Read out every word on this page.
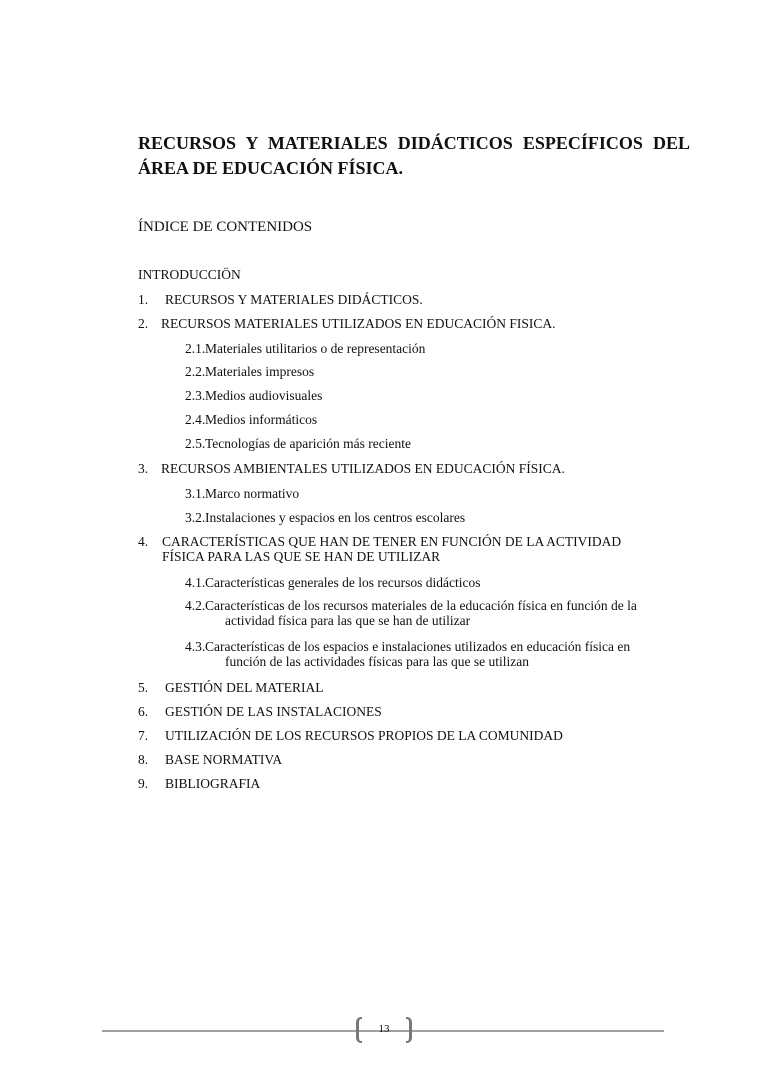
RECURSOS Y MATERIALES DIDÁCTICOS ESPECÍFICOS DEL
ÁREA DE EDUCACIÓN FÍSICA.
ÍNDICE DE CONTENIDOS
INTRODUCCIÖN
1. RECURSOS Y MATERIALES DIDÁCTICOS.
2. RECURSOS MATERIALES UTILIZADOS EN EDUCACIÓN FISICA.
2.1. Materiales utilitarios o de representación
2.2. Materiales impresos
2.3. Medios audiovisuales
2.4. Medios informáticos
2.5. Tecnologías de aparición más reciente
3. RECURSOS AMBIENTALES UTILIZADOS EN EDUCACIÓN FÍSICA.
3.1. Marco normativo
3.2. Instalaciones y espacios en los centros escolares
4. CARACTERÍSTICAS QUE HAN DE TENER EN FUNCIÓN DE LA ACTIVIDAD
FÍSICA PARA LAS QUE SE HAN DE UTILIZAR
4.1. Características generales de los recursos didácticos
4.2. Características de los recursos materiales de la educación física en función de la
actividad física para las que se han de utilizar
4.3. Características de los espacios e instalaciones utilizados en educación física en
función de las actividades físicas para las que se utilizan
5. GESTIÓN DEL MATERIAL
6. GESTIÓN DE LAS INSTALACIONES
7. UTILIZACIÓN DE LOS RECURSOS PROPIOS DE LA COMUNIDAD
8. BASE NORMATIVA
9. BIBLIOGRAFIA
13
